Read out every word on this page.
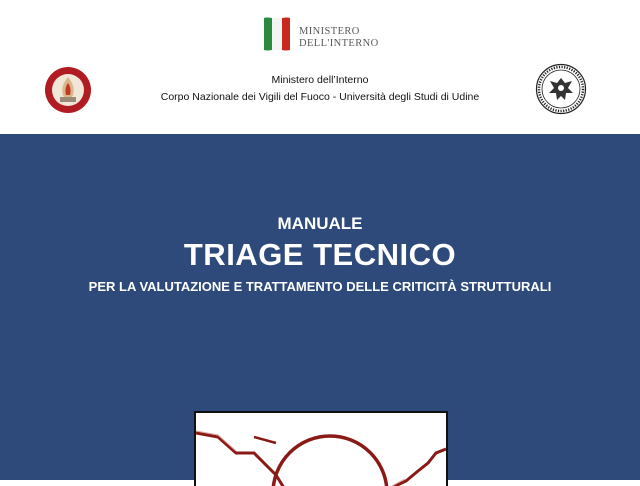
MINISTERO
DELL'INTERNO
Ministero dell’Interno
Corpo Nazionale dei Vigili del Fuoco - Università degli Studi di Udine
MANUALE
TRIAGE TECNICO
PER LA VALUTAZIONE E TRATTAMENTO DELLE CRITICITÀ STRUTTURALI
